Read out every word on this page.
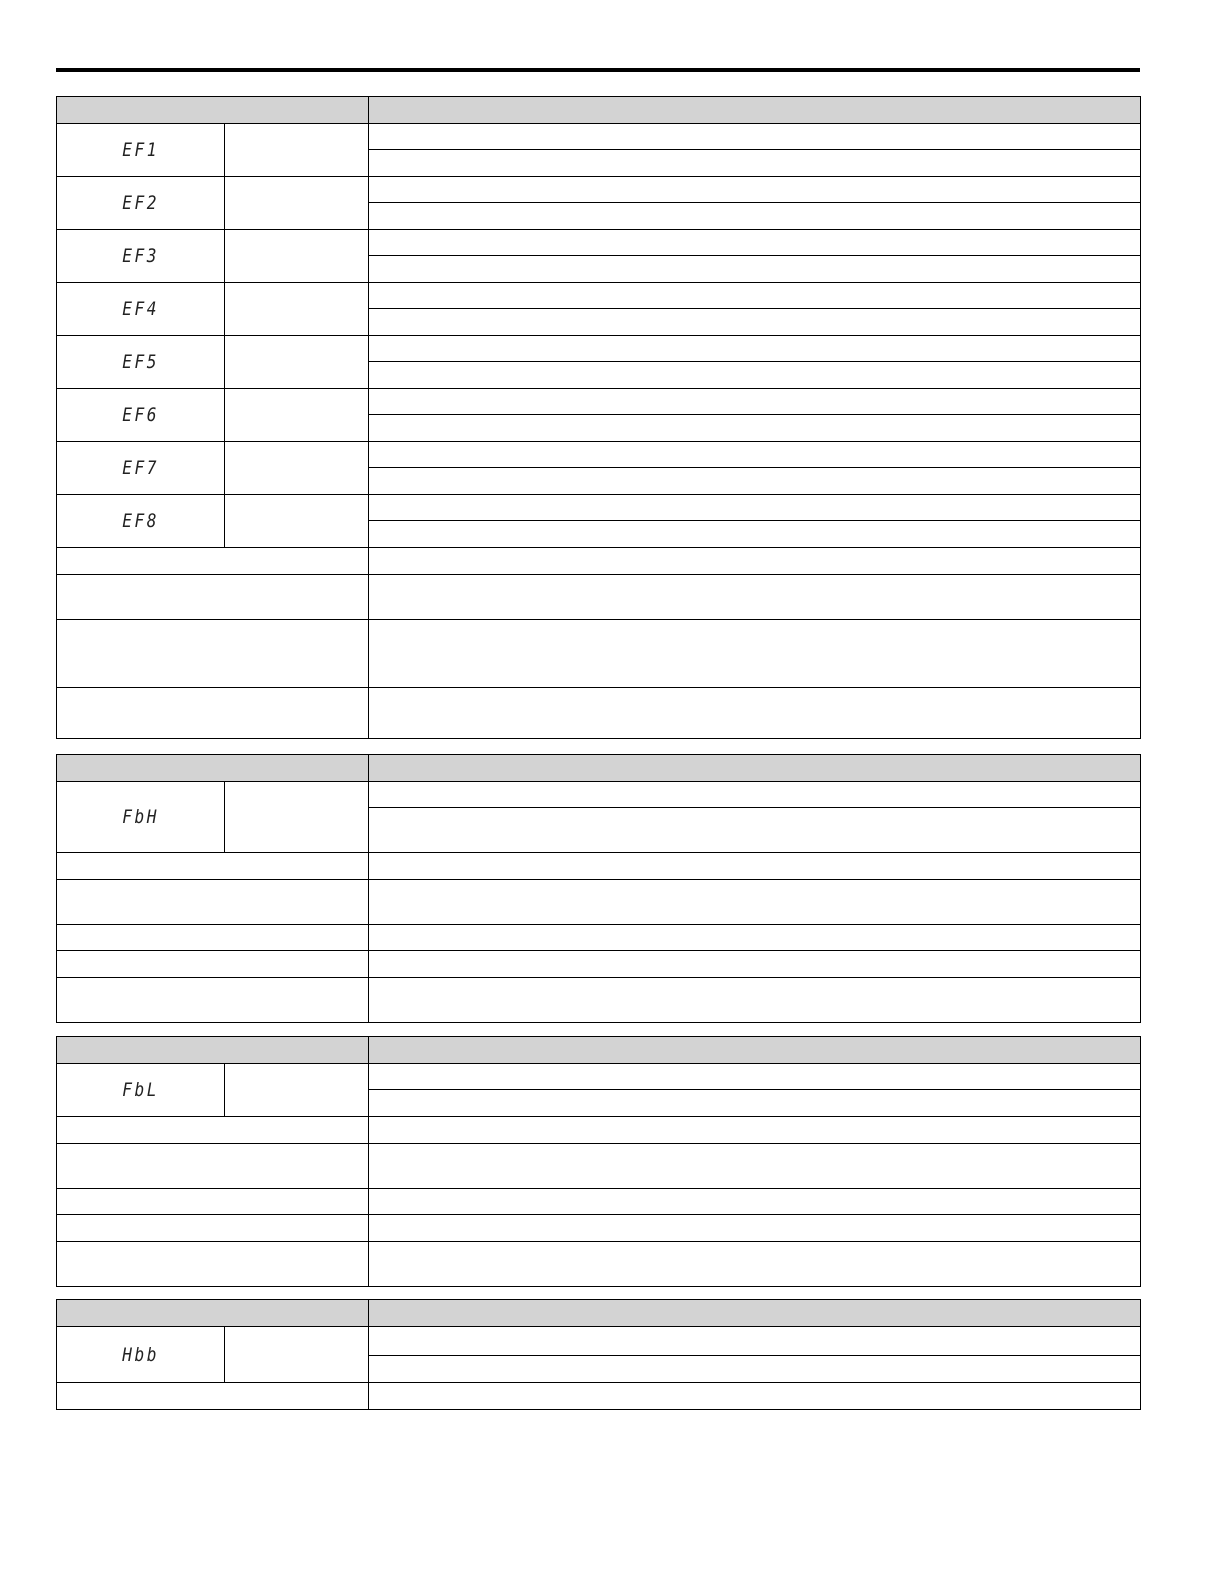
EF1		

EF2		

EF3		

EF4		

EF5		

EF6		

EF7		

EF8		

FbH		

FbL		

Hbb		
